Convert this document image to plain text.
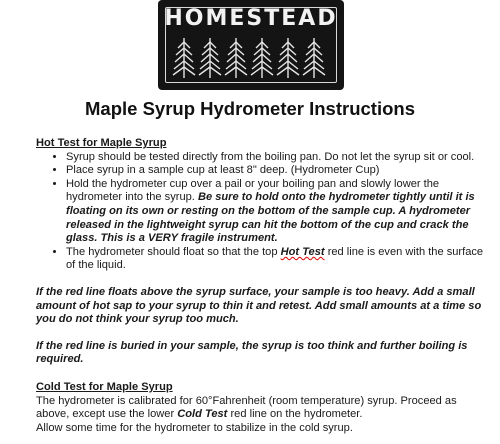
HOMESTEAD
Maple Syrup Hydrometer Instructions
Hot Test for Maple Syrup
• Syrup should be tested directly from the boiling pan. Do not let the syrup sit or cool.
• Place syrup in a sample cup at least 8" deep. (Hydrometer Cup)
• Hold the hydrometer cup over a pail or your boiling pan and slowly lower the hydrometer into the syrup. Be sure to hold onto the hydrometer tightly until it is floating on its own or resting on the bottom of the sample cup. A hydrometer released in the lightweight syrup can hit the bottom of the cup and crack the glass. This is a VERY fragile instrument.
• The hydrometer should float so that the top Hot Test red line is even with the surface of the liquid.
If the red line floats above the syrup surface, your sample is too heavy. Add a small amount of hot sap to your syrup to thin it and retest. Add small amounts at a time so you do not think your syrup too much.
If the red line is buried in your sample, the syrup is too think and further boiling is required.
Cold Test for Maple Syrup
The hydrometer is calibrated for 60°Fahrenheit (room temperature) syrup. Proceed as above, except use the lower Cold Test red line on the hydrometer.
Allow some time for the hydrometer to stabilize in the cold syrup.
